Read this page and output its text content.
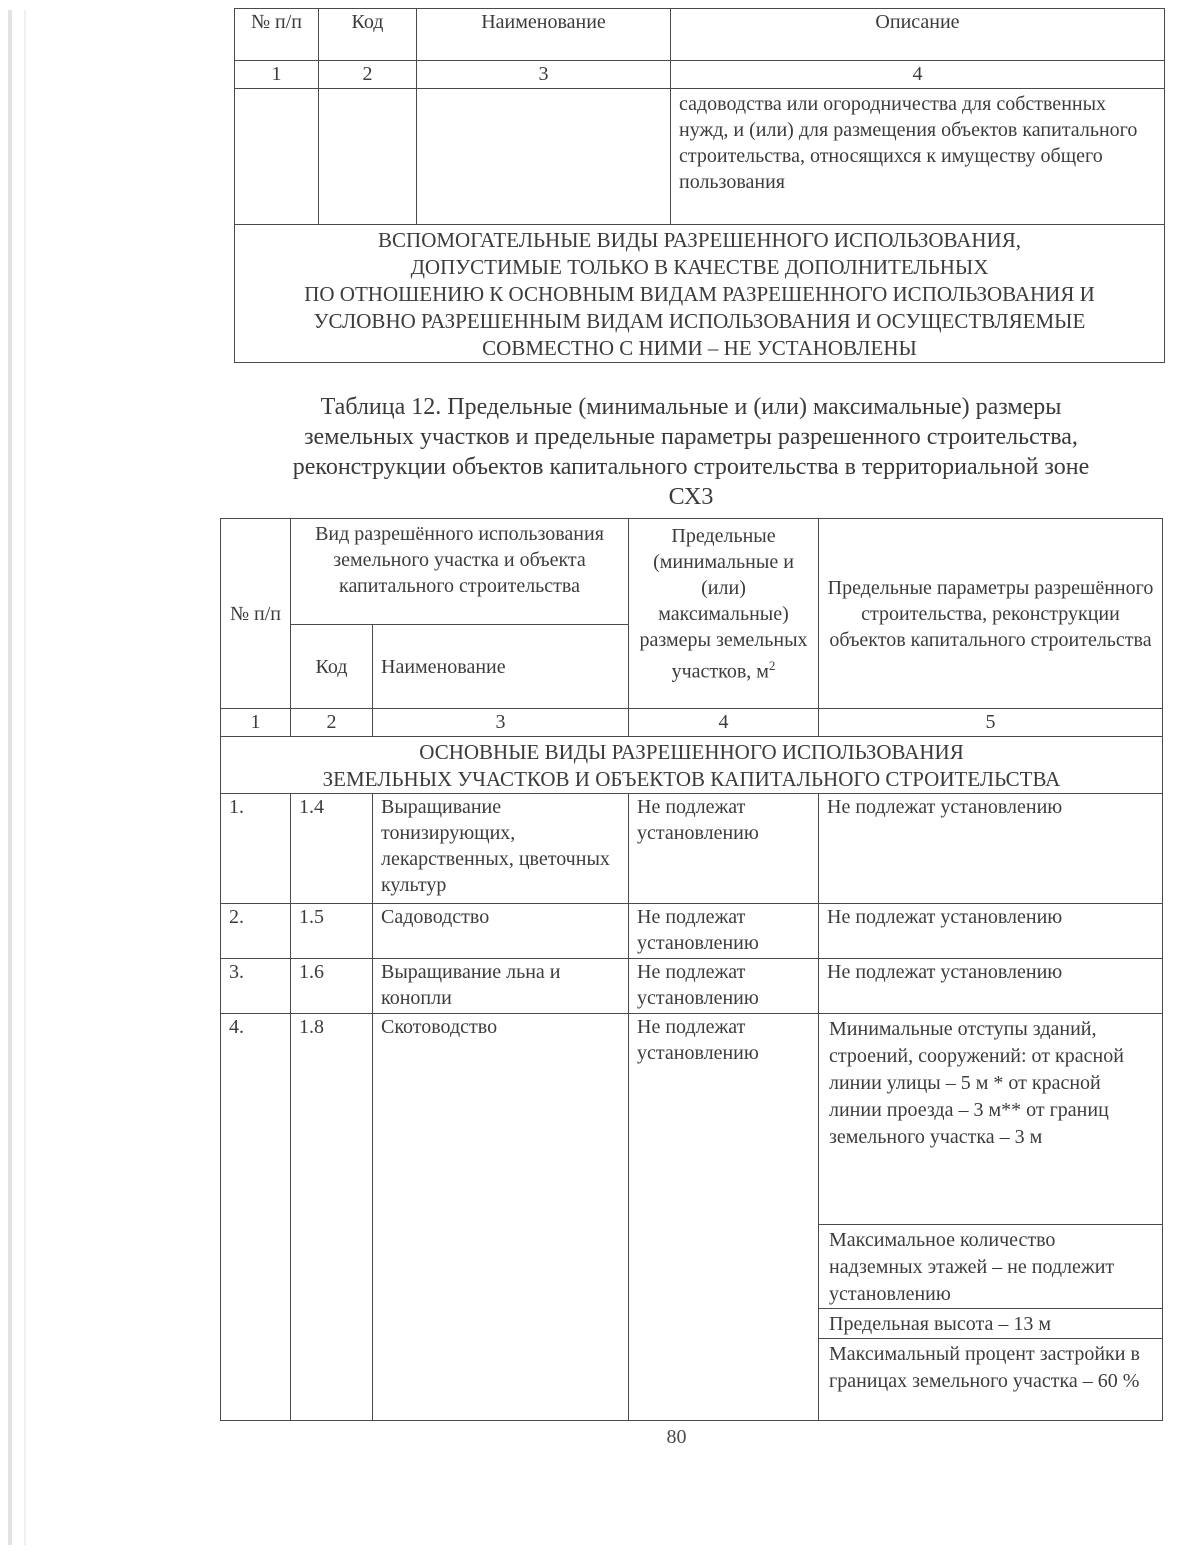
№ п/п	Код	Наименование	Описание
1	2	3	4
			садоводства или огородничества для собственных нужд, и (или) для размещения объектов капитального строительства, относящихся к имуществу общего пользования

ВСПОМОГАТЕЛЬНЫЕ ВИДЫ РАЗРЕШЕННОГО ИСПОЛЬЗОВАНИЯ,
ДОПУСТИМЫЕ ТОЛЬКО В КАЧЕСТВЕ ДОПОЛНИТЕЛЬНЫХ
ПО ОТНОШЕНИЮ К ОСНОВНЫМ ВИДАМ РАЗРЕШЕННОГО ИСПОЛЬЗОВАНИЯ И
УСЛОВНО РАЗРЕШЕННЫМ ВИДАМ ИСПОЛЬЗОВАНИЯ И ОСУЩЕСТВЛЯЕМЫЕ
СОВМЕСТНО С НИМИ – НЕ УСТАНОВЛЕНЫ			
Таблица 12. Предельные (минимальные и (или) максимальные) размеры
земельных участков и предельные параметры разрешенного строительства,
реконструкции объектов капитального строительства в территориальной зоне
СХ3
№ п/п	Вид разрешённого использования земельного участка и объекта капитального строительства	Предельные (минимальные и (или) максимальные) размеры земельных участков, $м^2$	Предельные параметры разрешённого строительства, реконструкции объектов капитального строительства
Код	Наименование
1	2	3	4	5

ОСНОВНЫЕ ВИДЫ РАЗРЕШЕННОГО ИСПОЛЬЗОВАНИЯ
ЗЕМЕЛЬНЫХ УЧАСТКОВ И ОБЪЕКТОВ КАПИТАЛЬНОГО СТРОИТЕЛЬСТВА

1.	1.4	Выращивание тонизирующих, лекарственных, цветочных культур	Не подлежат установлению	Не подлежат установлению
2.	1.5	Садоводство	Не подлежат установлению	Не подлежат установлению
3.	1.6	Выращивание льна и конопли	Не подлежат установлению	Не подлежат установлению
4.	1.8	Скотоводство	Не подлежат установлению	
Минимальные отступы зданий, строений, сооружений: от красной линии улицы – 5 м * от красной линии проезда – 3 м** от границ земельного участка – 3 м
Максимальное количество надземных этажей – не подлежит установлению
Предельная высота – 13 м
Максимальный процент застройки в границах земельного участка – 60 %
80
